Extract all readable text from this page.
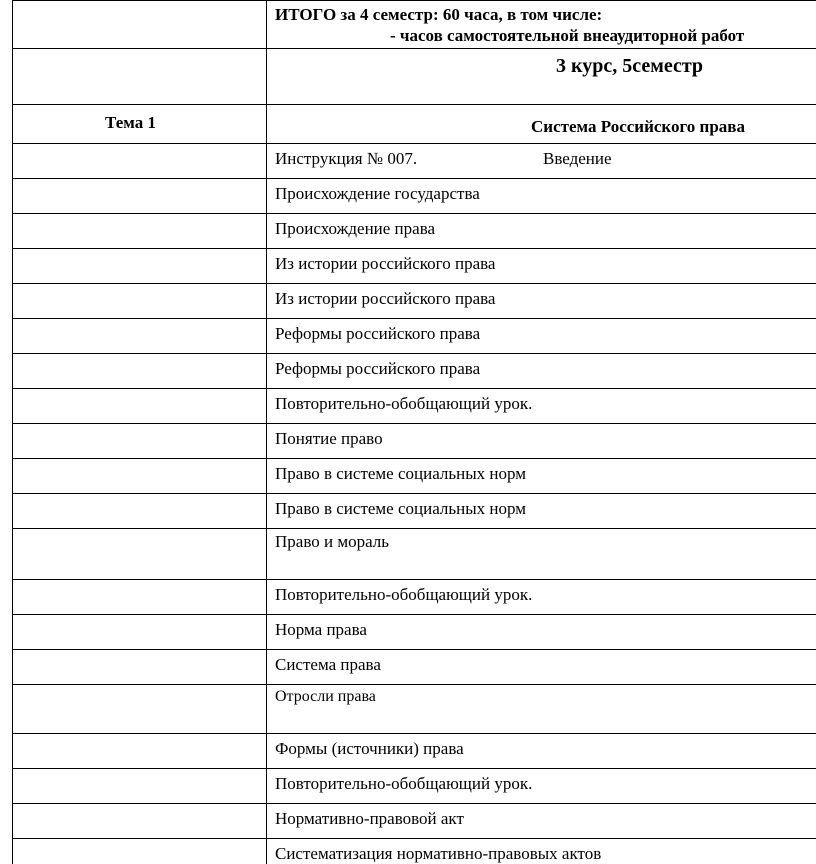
	ИТОГО за 4 семестр: 60 часа, в том числе:
- часов самостоятельной внеаудиторной работ

	3 курс, 5семестр

Тема 1	Система Российского права

	Инструкция № 007. Введение

	Происхождение государства

	Происхождение права

	Из истории российского права

	Из истории российского права

	Реформы российского права

	Реформы российского права

	Повторительно-обобщающий урок.

	Понятие право

	Право в системе социальных норм

	Право в системе социальных норм

	Право и мораль

	Повторительно-обобщающий урок.

	Норма права

	Система права

	Отросли права

	Формы (источники) права

	Повторительно-обобщающий урок.

	Нормативно-правовой акт

	Систематизация нормативно-правовых актов
